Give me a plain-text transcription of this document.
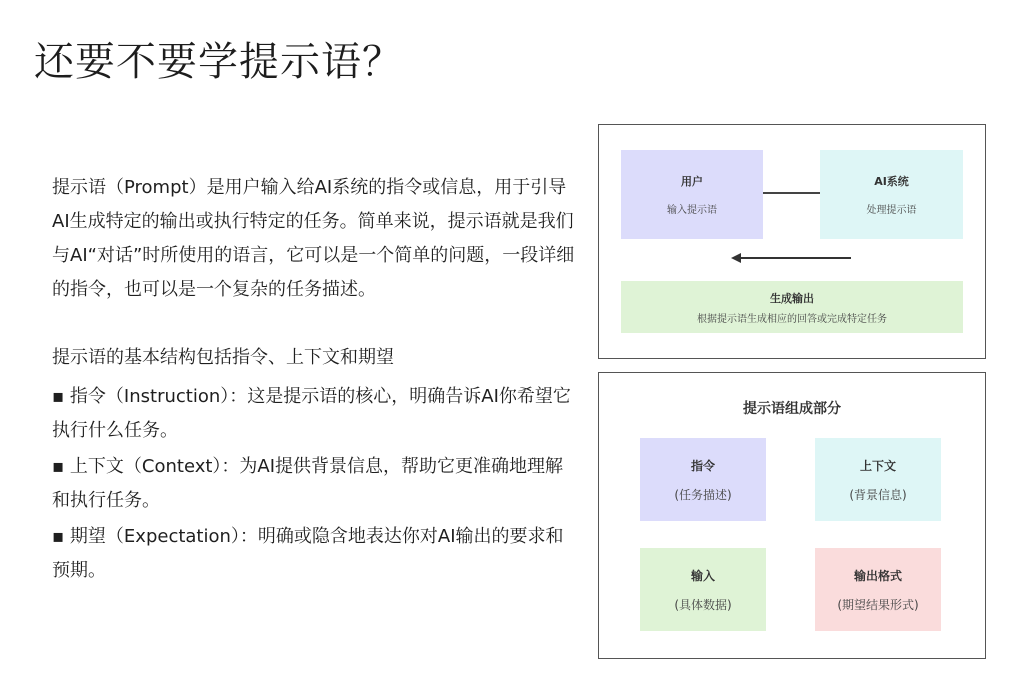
还要不要学提示语？
提示语（Prompt）是用户输入给AI系统的指令或信息，用于引导AI生成特定的输出或执行特定的任务。简单来说，提示语就是我们与AI“对话”时所使用的语言，它可以是一个简单的问题，一段详细的指令，也可以是一个复杂的任务描述。
提示语的基本结构包括指令、上下文和期望
▪ 指令（Instruction）：这是提示语的核心，明确告诉AI你希望它执行什么任务。
▪ 上下文（Context）：为AI提供背景信息，帮助它更准确地理解和执行任务。
▪ 期望（Expectation）：明确或隐含地表达你对AI输出的要求和预期。
用户
输入提示语
AI系统
处理提示语
生成输出
根据提示语生成相应的回答或完成特定任务
提示语组成部分
指令
(任务描述)
上下文
(背景信息)
输入
(具体数据)
输出格式
(期望结果形式)
